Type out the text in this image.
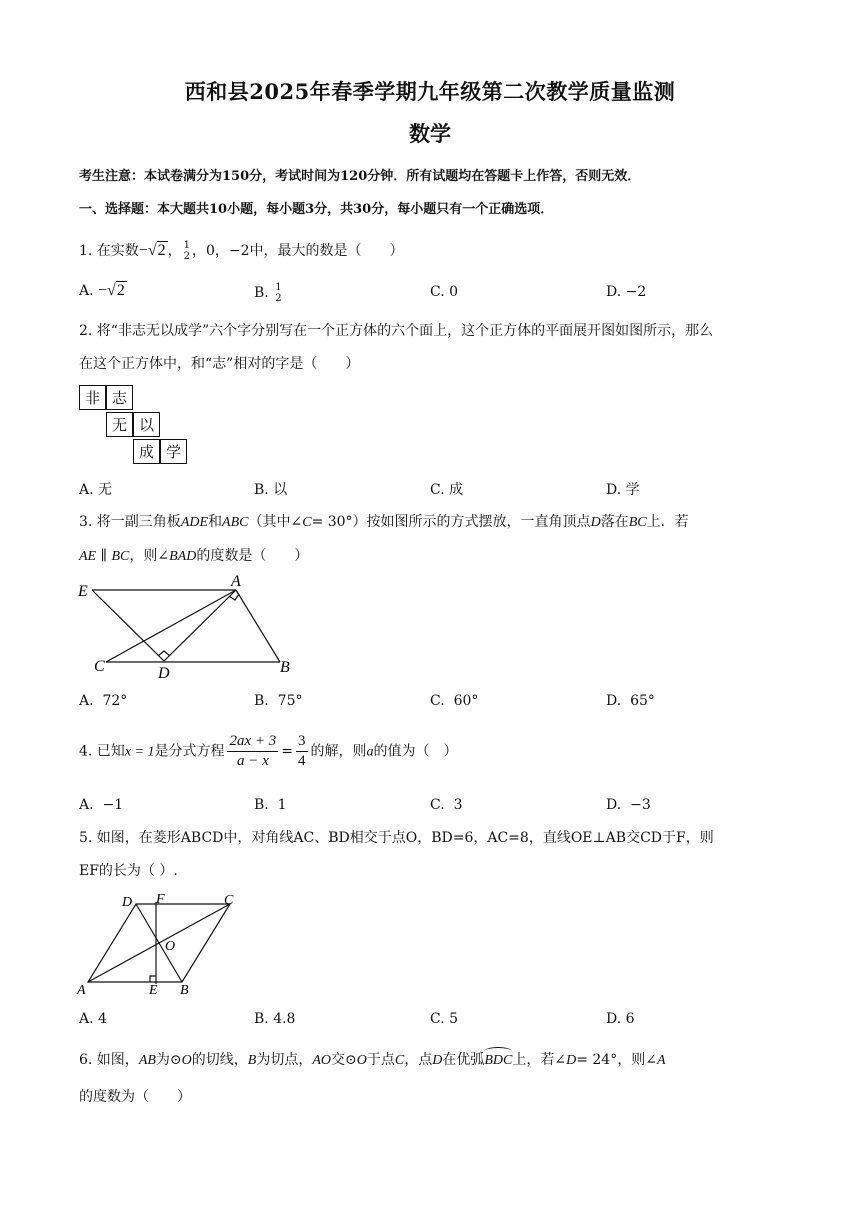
西和县2025年春季学期九年级第二次教学质量监测
数学
考生注意：本试卷满分为150分，考试时间为120分钟．所有试题均在答题卡上作答，否则无效．
一、选择题：本大题共10小题，每小题3分，共30分，每小题只有一个正确选项．
1. 在实数−√2 ， 1
2 ，0，−2中，最大的数是（　　）
A. −√2	B. 1
2	C. 0	D. −2
2. 将“非志无以成学”六个字分别写在一个正方体的六个面上，这个正方体的平面展开图如图所示，那么
在这个正方体中，和“志”相对的字是（　　）
非 志
无 以
成 学
A. 无	B. 以	C. 成	D. 学
3. 将一副三角板ADE和ABC（其中∠C= 30°）按如图所示的方式摆放，一直角顶点D落在BC上．若
AE ∥ BC，则∠BAD的度数是（　　）
E
A
C	D	B
A. 72°	B. 75°	C. 60°	D. 65°
4. 已知x = 1是分式方程 $\frac{2ax + 3}{a - x} = \frac{3}{4}$ 的解，则a的值为（　）
A. −1	B. 1	C. 3	D. −3
5. 如图，在菱形ABCD中，对角线AC、BD相交于点O，BD=6，AC=8，直线OE⊥AB交CD于F，则
EF的长为（ ）.
D F	C
O
A	E B
A. 4	B. 4.8	C. 5	D. 6
6. 如图，AB为⊙O的切线，B为切点，AO交⊙O于点C，点D在优弧BDC上，若∠D= 24°，则∠A
的度数为（　　）
